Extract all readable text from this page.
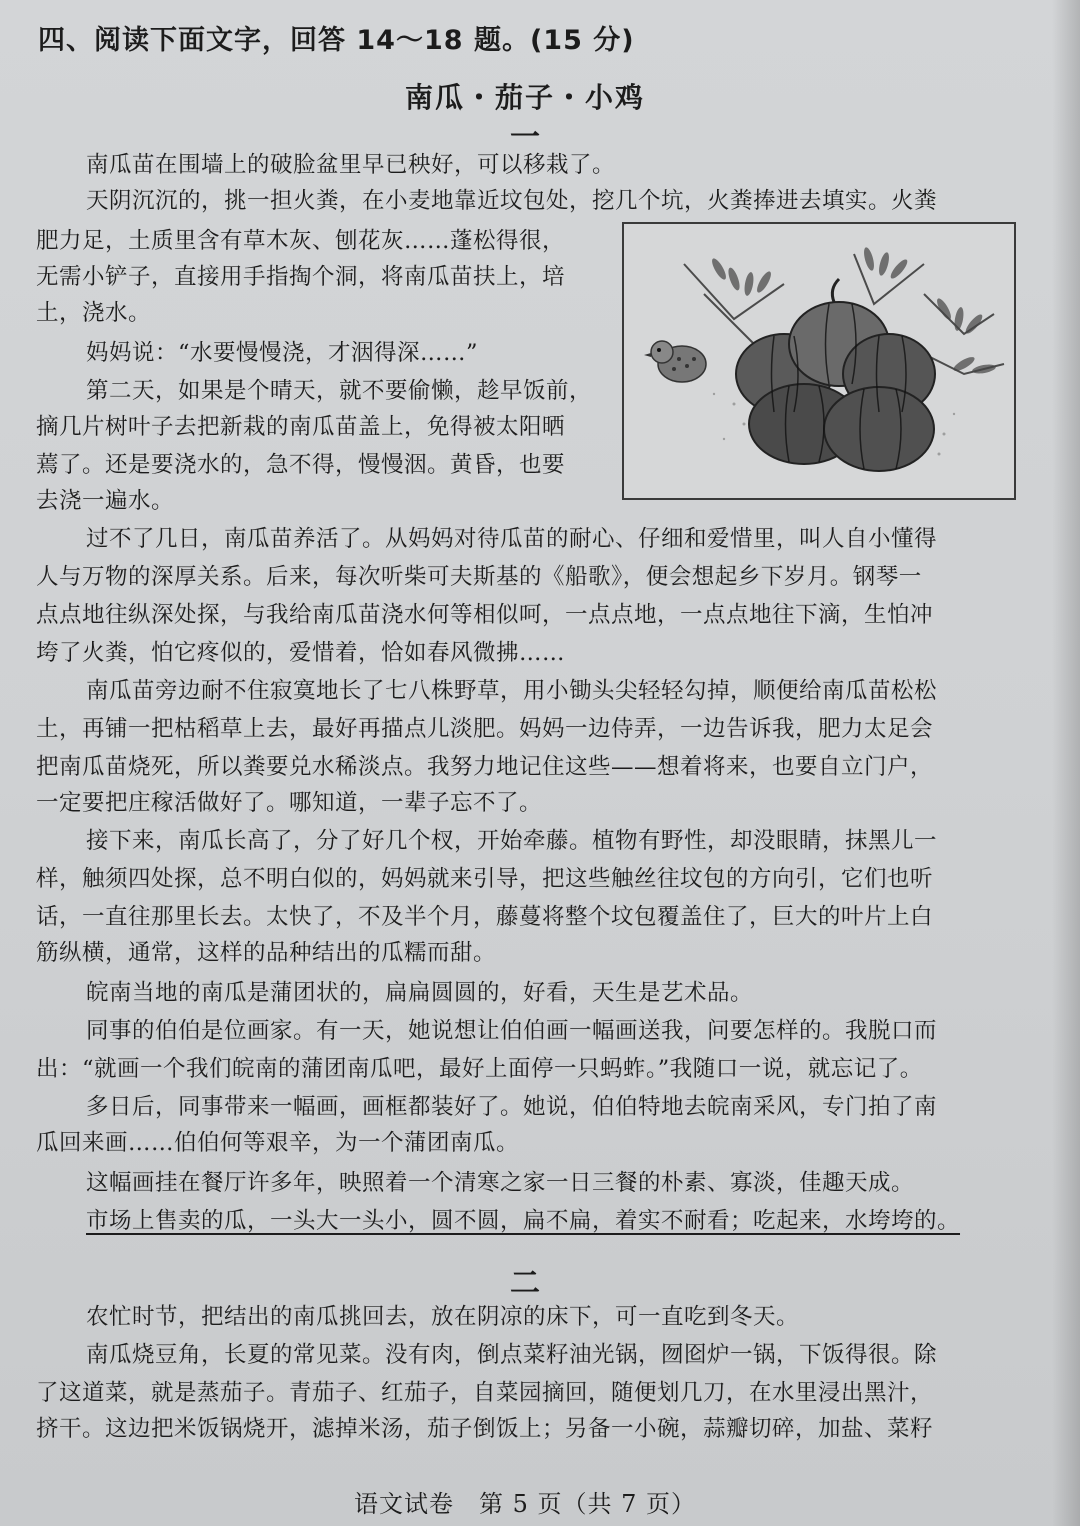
四、阅读下面文字，回答 14～18 题。(15 分)
南瓜・茄子・小鸡
一
南瓜苗在围墙上的破脸盆里早已秧好，可以移栽了。
天阴沉沉的，挑一担火粪，在小麦地靠近坟包处，挖几个坑，火粪捧进去填实。火粪
肥力足，土质里含有草木灰、刨花灰……蓬松得很，
无需小铲子，直接用手指掏个洞，将南瓜苗扶上，培
土，浇水。
妈妈说：“水要慢慢浇，才洇得深……”
第二天，如果是个晴天，就不要偷懒，趁早饭前，
摘几片树叶子去把新栽的南瓜苗盖上，免得被太阳晒
蔫了。还是要浇水的，急不得，慢慢洇。黄昏，也要
去浇一遍水。
过不了几日，南瓜苗养活了。从妈妈对待瓜苗的耐心、仔细和爱惜里，叫人自小懂得
人与万物的深厚关系。后来，每次听柴可夫斯基的《船歌》，便会想起乡下岁月。钢琴一
点点地往纵深处探，与我给南瓜苗浇水何等相似呵，一点点地，一点点地往下滴，生怕冲
垮了火粪，怕它疼似的，爱惜着，恰如春风微拂……
南瓜苗旁边耐不住寂寞地长了七八株野草，用小锄头尖轻轻勾掉，顺便给南瓜苗松松
土，再铺一把枯稻草上去，最好再描点儿淡肥。妈妈一边侍弄，一边告诉我，肥力太足会
把南瓜苗烧死，所以粪要兑水稀淡点。我努力地记住这些——想着将来，也要自立门户，
一定要把庄稼活做好了。哪知道，一辈子忘不了。
接下来，南瓜长高了，分了好几个杈，开始牵藤。植物有野性，却没眼睛，抹黑儿一
样，触须四处探，总不明白似的，妈妈就来引导，把这些触丝往坟包的方向引，它们也听
话，一直往那里长去。太快了，不及半个月，藤蔓将整个坟包覆盖住了，巨大的叶片上白
筋纵横，通常，这样的品种结出的瓜糯而甜。
皖南当地的南瓜是蒲团状的，扁扁圆圆的，好看，天生是艺术品。
同事的伯伯是位画家。有一天，她说想让伯伯画一幅画送我，问要怎样的。我脱口而
出：“就画一个我们皖南的蒲团南瓜吧，最好上面停一只蚂蚱。”我随口一说，就忘记了。
多日后，同事带来一幅画，画框都装好了。她说，伯伯特地去皖南采风，专门拍了南
瓜回来画……伯伯何等艰辛，为一个蒲团南瓜。
这幅画挂在餐厅许多年，映照着一个清寒之家一日三餐的朴素、寡淡，佳趣天成。
市场上售卖的瓜，一头大一头小，圆不圆，扁不扁，着实不耐看；吃起来，水垮垮的。
二
农忙时节，把结出的南瓜挑回去，放在阴凉的床下，可一直吃到冬天。
南瓜烧豆角，长夏的常见菜。没有肉，倒点菜籽油光锅，囫囵炉一锅，下饭得很。除
了这道菜，就是蒸茄子。青茄子、红茄子，自菜园摘回，随便划几刀，在水里浸出黑汁，
挤干。这边把米饭锅烧开，滤掉米汤，茄子倒饭上；另备一小碗，蒜瓣切碎，加盐、菜籽
语文试卷　第 5 页（共 7 页）
